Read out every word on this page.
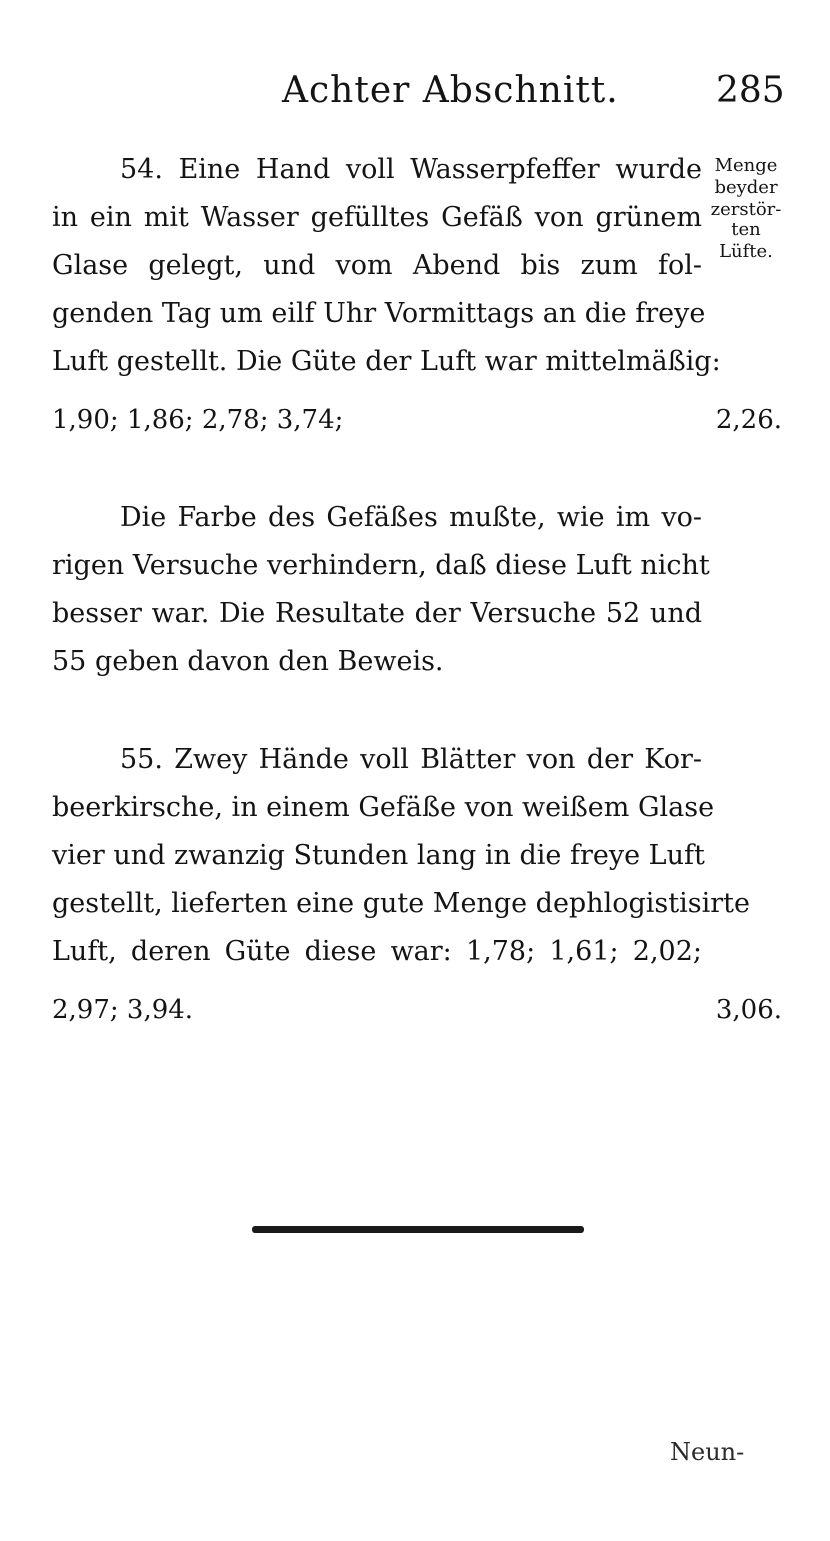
Achter Abschnitt.	285
Menge
beyder
zerstör-
ten
Lüfte.
54. Eine Hand voll Wasserpfeffer wurde
in ein mit Wasser gefülltes Gefäß von grünem
Glase gelegt, und vom Abend bis zum fol-
genden Tag um eilf Uhr Vormittags an die freye
Luft gestellt. Die Güte der Luft war mittelmäßig:
1,90; 1,86; 2,78; 3,74;	2,26.
Die Farbe des Gefäßes mußte, wie im vo-
rigen Versuche verhindern, daß diese Luft nicht
besser war. Die Resultate der Versuche 52 und
55 geben davon den Beweis.
55. Zwey Hände voll Blätter von der Kor-
beerkirsche, in einem Gefäße von weißem Glase
vier und zwanzig Stunden lang in die freye Luft
gestellt, lieferten eine gute Menge dephlogistisirte
Luft, deren Güte diese war: 1,78; 1,61; 2,02;
2,97; 3,94.	3,06.
Neun-
